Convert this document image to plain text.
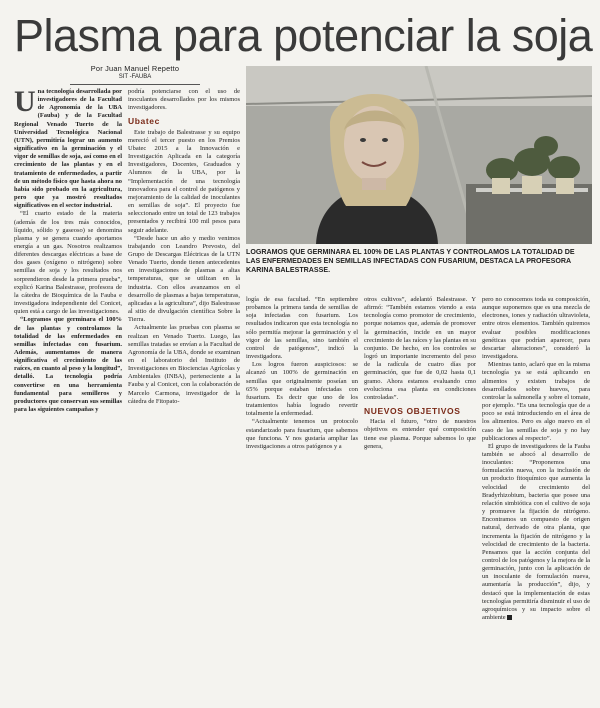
Plasma para potenciar la soja
Por Juan Manuel Repetto
SIT -FAUBA

Una tecnología desarrollada por investigadores de la Facultad de Agronomía de la UBA (Fauba) y de la Facultad Regional Venado Tuerto de la Universidad Tecnológica Nacional (UTN), permitiría lograr un aumento significativo en la germinación y el vigor de semillas de soja, así como en el crecimiento de las plantas y en el tratamiento de enfermedades, a partir de un método físico que hasta ahora no había sido probado en la agricultura, pero que ya mostró resultados significativos en el sector industrial.

“El cuarto estado de la materia (además de los tres más conocidos, líquido, sólido y gaseoso) se denomina plasma y se genera cuando aportamos energía a un gas. Nosotros realizamos diferentes descargas eléctricas a base de dos gases (oxígeno o nitrógeno) sobre semillas de soja y los resultados nos sorprendieron desde la primera prueba”, explicó Karina Balestrasse, profesora de la cátedra de Bioquímica de la Fauba e investigadora independiente del Conicet, quien está a cargo de las investigaciones.

“Logramos que germinara el 100% de las plantas y controlamos la totalidad de las enfermedades en semillas infectadas con fusarium. Además, aumentamos de manera significativa el crecimiento de las raíces, en cuanto al peso y la longitud”, detalló. La tecnología podría convertirse en una herramienta fundamental para semilleros y productores que conservan sus semillas para las siguientes campañas y

podría potenciarse con el uso de inoculantes desarrollados por los mismos investigadores.

Ubatec

Este trabajo de Balestrasse y su equipo mereció el tercer puesto en los Premios Ubatec 2015 a la Innovación e Investigación Aplicada en la categoría Investigadores, Docentes, Graduados y Alumnos de la UBA, por la “Implementación de una tecnología innovadora para el control de patógenos y mejoramiento de la calidad de inoculantes en semillas de soja”. El proyecto fue seleccionado entre un total de 123 trabajos presentados y recibirá 100 mil pesos para seguir adelante.

“Desde hace un año y medio venimos trabajando con Leandro Prevosto, del Grupo de Descargas Eléctricas de la UTN Venado Tuerto, donde tienen antecedentes en investigaciones de plasmas a altas temperaturas, que se utilizan en la industria. Con ellos avanzamos en el desarrollo de plasmas a bajas temperaturas, aplicadas a la agricultura”, dijo Balestrasse al sitio de divulgación científica Sobre la Tierra.

Actualmente las pruebas con plasma se realizan en Venado Tuerto. Luego, las semillas tratadas se envían a la Facultad de Agronomía de la UBA, donde se examinan en el laboratorio del Instituto de Investigaciones en Biociencias Agrícolas y Ambientales (INBA), perteneciente a la Fauba y al Conicet, con la colaboración de Marcelo Carmona, investigador de la cátedra de Fitopato-

LOGRAMOS QUE GERMINARA EL 100% DE LAS PLANTAS Y CONTROLAMOS LA TOTALIDAD DE LAS ENFERMEDADES EN SEMILLAS INFECTADAS CON FUSARIUM, DESTACA LA PROFESORA KARINA BALESTRASSE.

logía de esa facultad. “En septiembre probamos la primera tanda de semillas de soja infectadas con fusarium. Los resultados indicaron que esta tecnología no sólo permitía mejorar la germinación y el vigor de las semillas, sino también el control de patógenos”, indicó la investigadora.

Los logros fueron auspiciosos: se alcanzó un 100% de germinación en semillas que originalmente poseían un 65% porque estaban infectadas con fusarium. Es decir que uno de los tratamientos había logrado revertir totalmente la enfermedad.

“Actualmente tenemos un protocolo estandarizado para fusarium, que sabemos que funciona. Y nos gustaría ampliar las investigaciones a otros patógenos y a

otros cultivos”, adelantó Balestrasse. Y afirmó: “También estamos viendo a esta tecnología como promotor de crecimiento, porque notamos que, además de promover la germinación, incide en un mayor crecimiento de las raíces y las plantas en su conjunto. De hecho, en los controles se logró un importante incremento del peso de la radícula de cuatro días por germinación, que fue de 0,02 hasta 0,1 gramo. Ahora estamos evaluando cmo evoluciona esa planta en condiciones controladas”.

NUEVOS OBJETIVOS

Hacia el futuro, “otro de nuestros objetivos es entender qué composición tiene ese plasma. Porque sabemos lo que genera,

pero no conocemos toda su composición, aunque suponemos que es una mezcla de electrones, iones y radiación ultravioleta, entre otros elementos. También quiremos evaluar posibles modificaciones genéticas que podrían aparecer, para descartar alteraciones”, consideró la investigadora.

Mientras tanto, aclaró que en la misma tecnología ya se está aplicando en alimentos y existen trabajos de desarrollados sobre huevos, para controlar la salmonella y sobre el tomate, por ejemplo. “Es una tecnología que de a poco se está introduciendo en el área de los alimentos. Pero es algo nuevo en el caso de las semillas de soja y no hay publicaciones al respecto”.

El grupo de investigadores de la Fauba también se abocó al desarrollo de inoculantes: “Proponemos una formulación nueva, con la inclusión de un producto fitoquímico que aumenta la velocidad de crecimiento del Bradyrhizobium, bacteria que posee una relación simbiótica con el cultivo de soja y promueve la fijación de nitrógeno. Encontramos un compuesto de origen natural, derivado de otra planta, que incrementa la fijación de nitrógeno y la velocidad de crecimiento de la bacteria. Pensamos que la acción conjunta del control de los patógenos y la mejora de la germinación, junto con la aplicación de un inoculante de formulación nueva, aumentaría la producción”, dijo, y destacó que la implementación de estas tecnologías permitiría disminuir el uso de agroquímicos y su impacto sobre el ambiente
